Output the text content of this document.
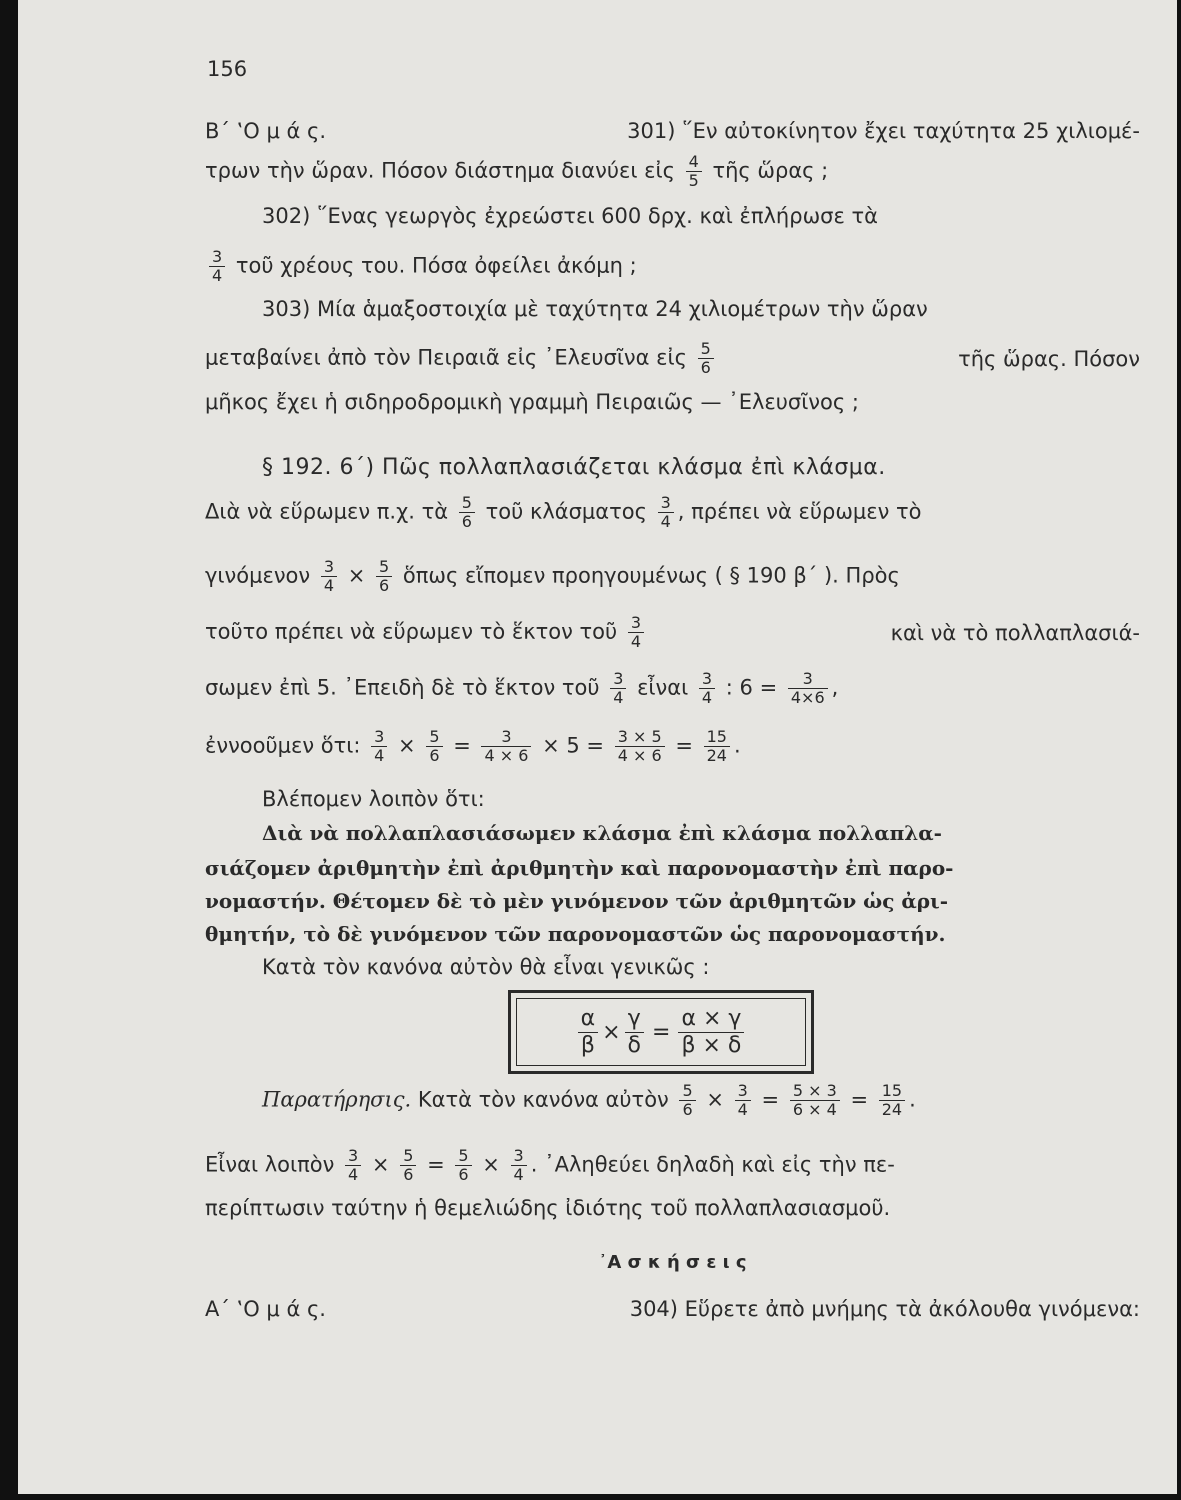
156
Β΄ ‛Ο μ ά ς.	301) ῞Εν αὐτοκίνητον ἔχει ταχύτητα 25 χιλιομέ-
τρων τὴν ὥραν. Πόσον διάστημα διανύει εἰς $\frac{4}{5}$ τῆς ὥρας ;
302) ῞Ενας γεωργὸς ἐχρεώστει 600 δρχ. καὶ ἐπλήρωσε τὰ
$\frac{3}{4}$ τοῦ χρέους του. Πόσα ὀφείλει ἀκόμη ;
303) Μία ἁμαξοστοιχία μὲ ταχύτητα 24 χιλιομέτρων τὴν ὥραν
μεταβαίνει ἀπὸ τὸν Πειραιᾶ εἰς ᾿Ελευσῖνα εἰς $\frac{5}{6}$	τῆς ὥρας. Πόσον
μῆκος ἔχει ἡ σιδηροδρομικὴ γραμμὴ Πειραιῶς — ᾿Ελευσῖνος ;
§ 192. 6΄) Πῶς πολλαπλασιάζεται κλάσμα ἐπὶ κλάσμα.
Διὰ νὰ εὕρωμεν π.χ. τὰ $\frac{5}{6}$ τοῦ κλάσματος $\frac{3}{4}$ , πρέπει νὰ εὕρωμεν τὸ
γινόμενον $\frac{3}{4} \times \frac{5}{6}$ ὅπως εἴπομεν προηγουμένως ( § 190 β΄ ). Πρὸς
τοῦτο πρέπει νὰ εὕρωμεν τὸ ἕκτον τοῦ $\frac{3}{4}$	καὶ νὰ τὸ πολλαπλασιά-
σωμεν ἐπὶ 5. ᾿Επειδὴ δὲ τὸ ἕκτον τοῦ $\frac{3}{4}$ εἶναι $\frac{3}{4}$ : $6 = \frac{3}{4\times 6}$ ,
ἐννοοῦμεν ὅτι: $\frac{3}{4} \times \frac{5}{6} = \frac{3}{4 \times 6} \times 5 = \frac{3 \times 5}{4 \times 6} = \frac{15}{24}$ .
Βλέπομεν λοιπὸν ὅτι:
Διὰ νὰ πολλαπλασιάσωμεν κλάσμα ἐπὶ κλάσμα πολλαπλα-
σιάζομεν ἀριθμητὴν ἐπὶ ἀριθμητὴν καὶ παρονομαστὴν ἐπὶ παρο-
νομαστήν. Θέτομεν δὲ τὸ μὲν γινόμενον τῶν ἀριθμητῶν ὡς ἀρι-
θμητήν, τὸ δὲ γινόμενον τῶν παρονομαστῶν ὡς παρονομαστήν.
Κατὰ τὸν κανόνα αὐτὸν θὰ εἶναι γενικῶς :
$\frac{\alpha}{\beta} \times \frac{\gamma}{\delta} = \frac{\alpha \times \gamma}{\beta \times \delta}$
Παρατήρησις. Κατὰ τὸν κανόνα αὐτὸν $\frac{5}{6} \times \frac{3}{4} = \frac{5 \times 3}{6 \times 4} = \frac{15}{24}$ .
Εἶναι λοιπὸν $\frac{3}{4} \times \frac{5}{6} = \frac{5}{6} \times \frac{3}{4}$ . ᾿Αληθεύει δηλαδὴ καὶ εἰς τὴν πε-
περίπτωσιν ταύτην ἡ θεμελιώδης ἰδιότης τοῦ πολλαπλασιασμοῦ.
᾿Α σ κ ή σ ε ι ς
Α΄ ‛Ο μ ά ς.	304) Εὕρετε ἀπὸ μνήμης τὰ ἀκόλουθα γινόμενα:
